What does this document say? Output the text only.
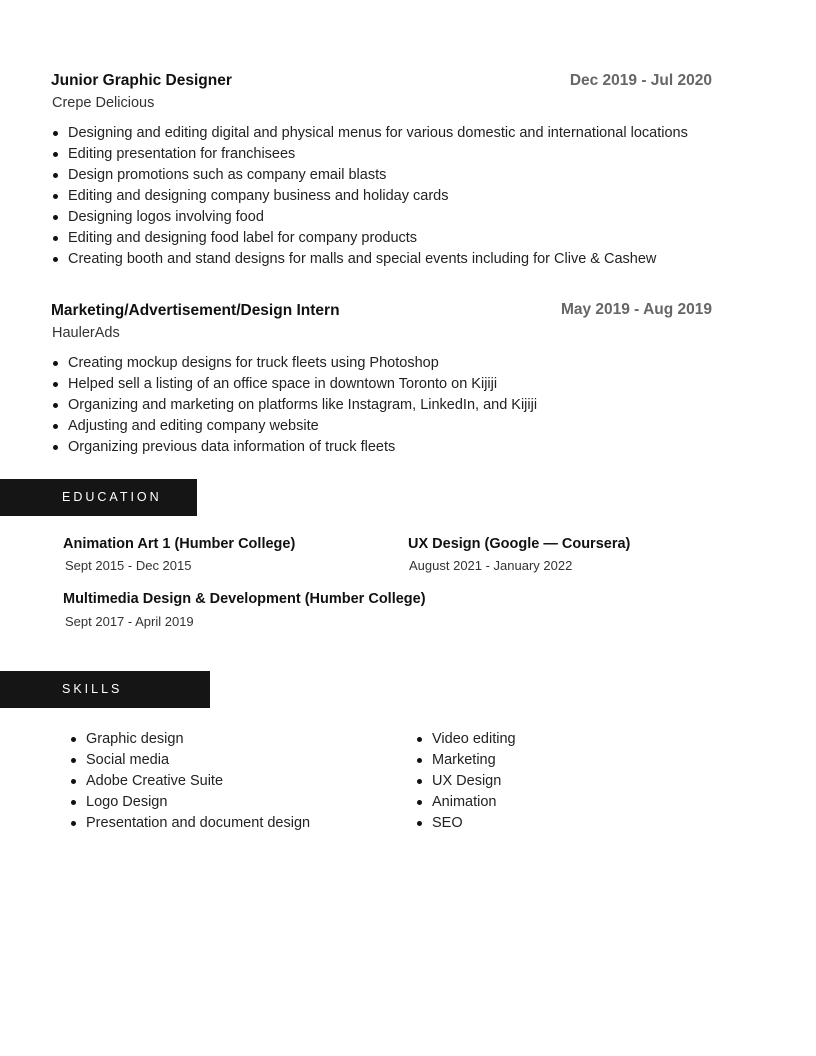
Junior Graphic Designer	Dec 2019 - Jul 2020
Crepe Delicious
Designing and editing digital and physical menus for various domestic and international locations
Editing presentation for franchisees
Design promotions such as company email blasts
Editing and designing company business and holiday cards
Designing logos involving food
Editing and designing food label for company products
Creating booth and stand designs for malls and special events including for Clive & Cashew
Marketing/Advertisement/Design Intern	May 2019 - Aug 2019
HaulerAds
Creating mockup designs for truck fleets using Photoshop
Helped sell a listing of an office space in downtown Toronto on Kijiji
Organizing and marketing on platforms like Instagram, LinkedIn, and Kijiji
Adjusting and editing company website
Organizing previous data information of truck fleets
EDUCATION
Animation Art 1 (Humber College)
Sept 2015 - Dec 2015
UX Design (Google — Coursera)
August 2021 - January 2022
Multimedia Design & Development (Humber College)
Sept 2017 - April 2019
SKILLS
Graphic design
Social media
Adobe Creative Suite
Logo Design
Presentation and document design
Video editing
Marketing
UX Design
Animation
SEO
